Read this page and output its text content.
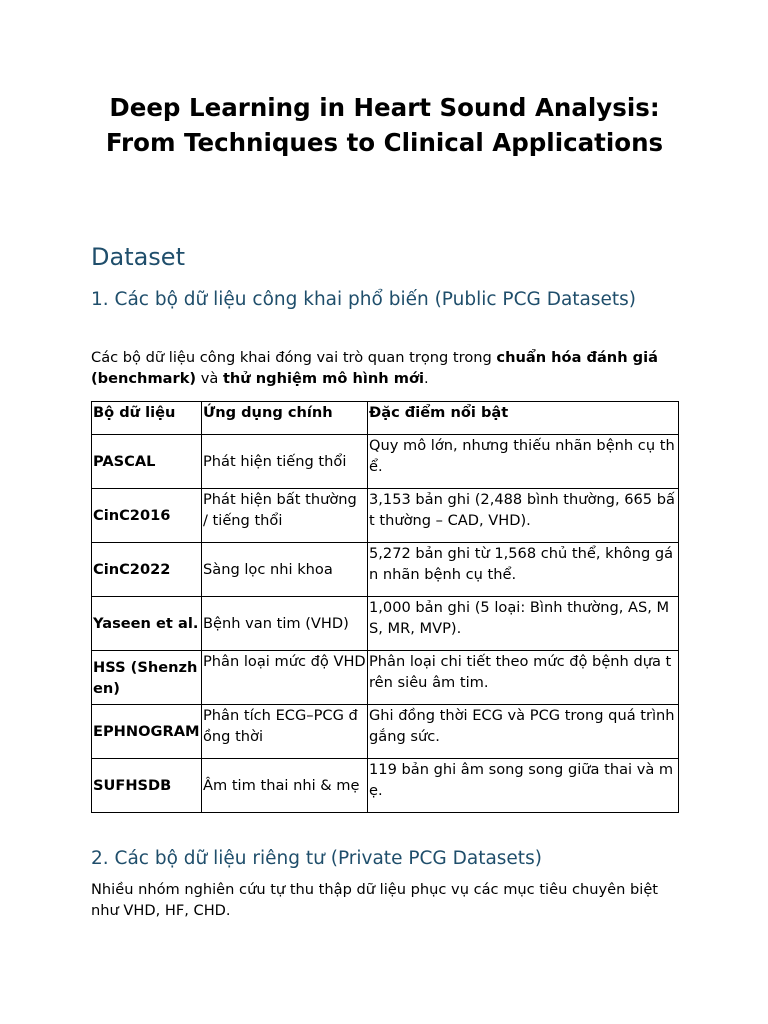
Deep Learning in Heart Sound Analysis:
From Techniques to Clinical Applications
Dataset
1. Các bộ dữ liệu công khai phổ biến (Public PCG Datasets)

Các bộ dữ liệu công khai đóng vai trò quan trọng trong chuẩn hóa đánh giá (benchmark) và thử nghiệm mô hình mới.

Bộ dữ liệu	Ứng dụng chính	Đặc điểm nổi bật
PASCAL	Phát hiện tiếng thổi	Quy mô lớn, nhưng thiếu nhãn bệnh cụ thể.
CinC2016	Phát hiện bất thường / tiếng thổi	3,153 bản ghi (2,488 bình thường, 665 bất thường – CAD, VHD).
CinC2022	Sàng lọc nhi khoa	5,272 bản ghi từ 1,568 chủ thể, không gán nhãn bệnh cụ thể.
Yaseen et al.	Bệnh van tim (VHD)	1,000 bản ghi (5 loại: Bình thường, AS, MS, MR, MVP).
HSS (Shenzhen)	Phân loại mức độ VHD	Phân loại chi tiết theo mức độ bệnh dựa trên siêu âm tim.
EPHNOGRAM	Phân tích ECG–PCG đồng thời	Ghi đồng thời ECG và PCG trong quá trình gắng sức.
SUFHSDB	Âm tim thai nhi & mẹ	119 bản ghi âm song song giữa thai và mẹ.
2. Các bộ dữ liệu riêng tư (Private PCG Datasets)

Nhiều nhóm nghiên cứu tự thu thập dữ liệu phục vụ các mục tiêu chuyên biệt như VHD, HF, CHD.
